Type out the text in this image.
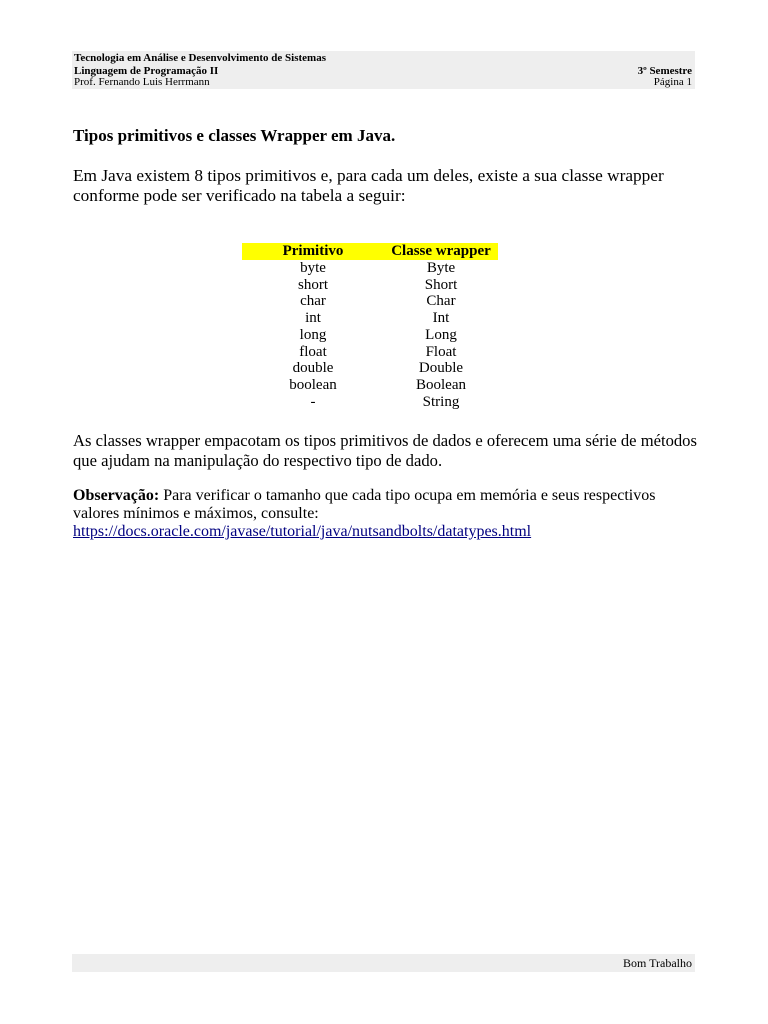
Tecnologia em Análise e Desenvolvimento de Sistemas
Linguagem de Programação II
Prof. Fernando Luis Herrmann
3º Semestre
Página 1
Tipos primitivos e classes Wrapper em Java.
Em Java existem 8 tipos primitivos e, para cada um deles, existe a sua classe wrapper conforme pode ser verificado na tabela a seguir:
Primitivo	Classe wrapper
byte	Byte
short	Short
char	Char
int	Int
long	Long
float	Float
double	Double
boolean	Boolean
-	String
As classes wrapper empacotam os tipos primitivos de dados e oferecem uma série de métodos que ajudam na manipulação do respectivo tipo de dado.
Observação: Para verificar o tamanho que cada tipo ocupa em memória e seus respectivos valores mínimos e máximos, consulte:
https://docs.oracle.com/javase/tutorial/java/nutsandbolts/datatypes.html
Bom Trabalho
